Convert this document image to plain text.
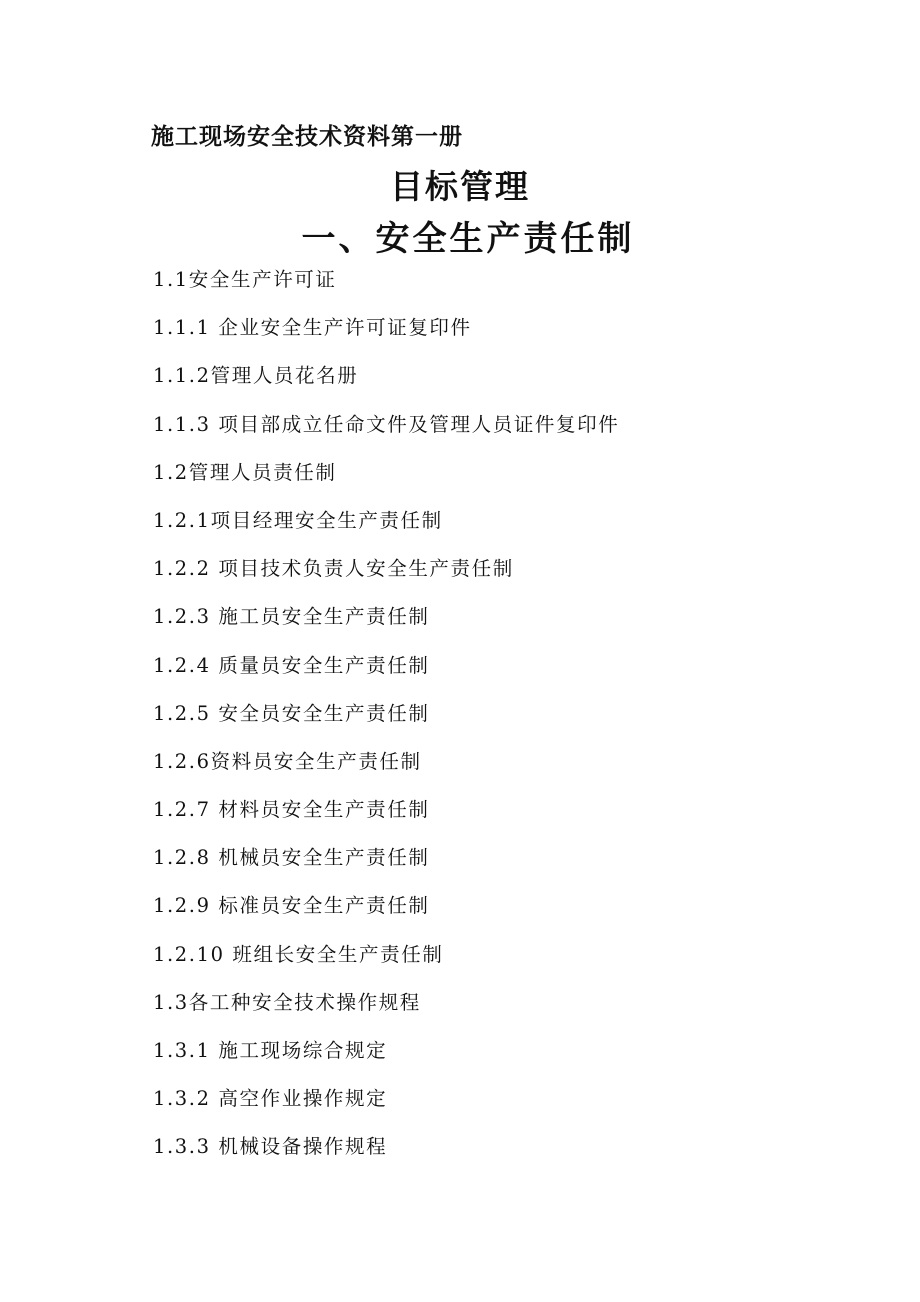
施工现场安全技术资料第一册
目标管理
一、安全生产责任制
1.1安全生产许可证
1.1.1 企业安全生产许可证复印件
1.1.2管理人员花名册
1.1.3 项目部成立任命文件及管理人员证件复印件
1.2管理人员责任制
1.2.1项目经理安全生产责任制
1.2.2 项目技术负责人安全生产责任制
1.2.3 施工员安全生产责任制
1.2.4 质量员安全生产责任制
1.2.5 安全员安全生产责任制
1.2.6资料员安全生产责任制
1.2.7 材料员安全生产责任制
1.2.8 机械员安全生产责任制
1.2.9 标准员安全生产责任制
1.2.10 班组长安全生产责任制
1.3各工种安全技术操作规程
1.3.1 施工现场综合规定
1.3.2 高空作业操作规定
1.3.3 机械设备操作规程
